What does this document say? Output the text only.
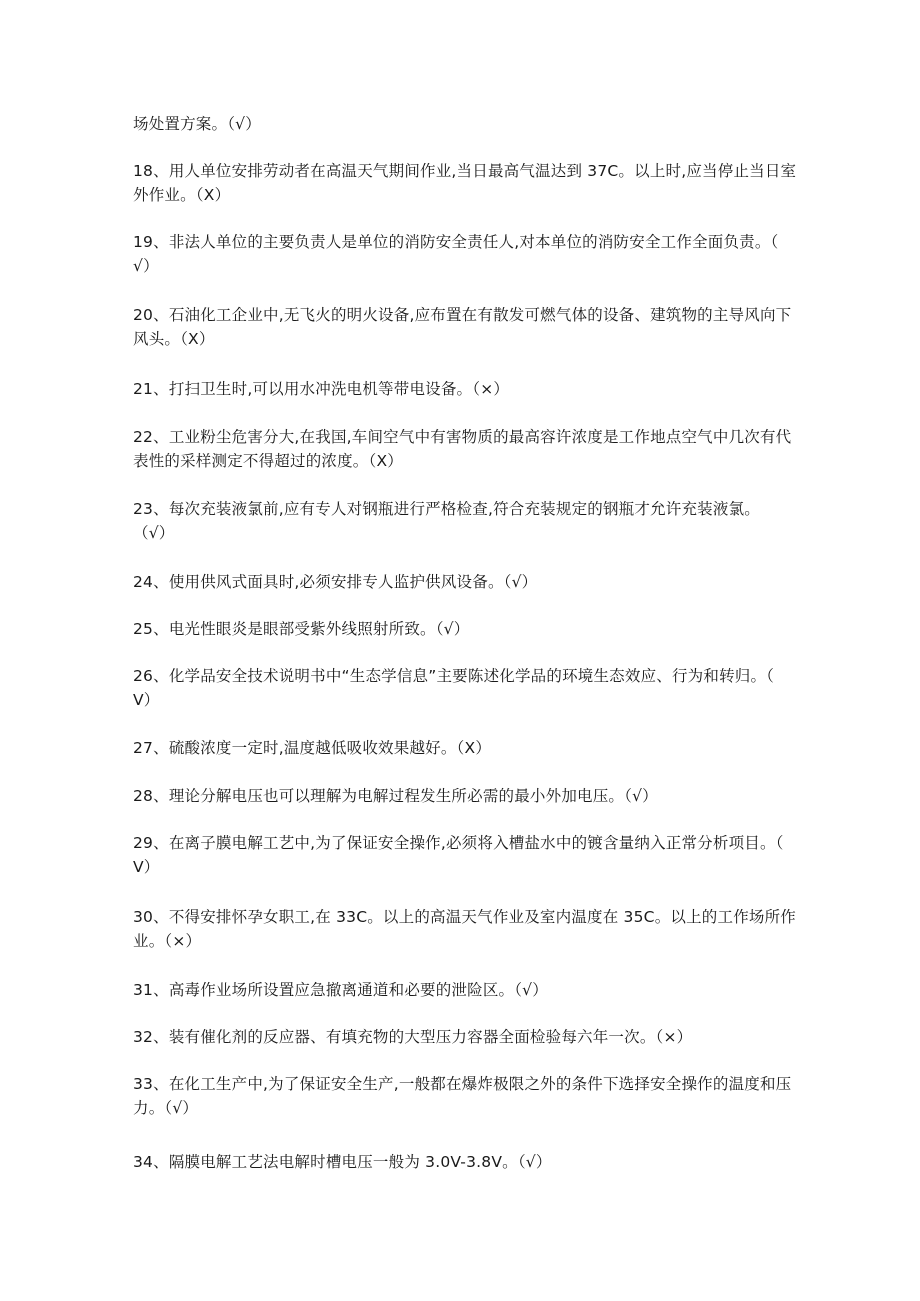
场处置方案。（√）
18、用人单位安排劳动者在高温天气期间作业,当日最高气温达到 37C。以上时,应当停止当日室
外作业。（X）
19、非法人单位的主要负责人是单位的消防安全责任人,对本单位的消防安全工作全面负责。（
√）
20、石油化工企业中,无飞火的明火设备,应布置在有散发可燃气体的设备、建筑物的主导风向下
风头。（X）
21、打扫卫生时,可以用水冲洗电机等带电设备。（×）
22、工业粉尘危害分大,在我国,车间空气中有害物质的最高容许浓度是工作地点空气中几次有代
表性的采样测定不得超过的浓度。（X）
23、每次充装液氯前,应有专人对钢瓶进行严格检查,符合充装规定的钢瓶才允许充装液氯。
（√）
24、使用供风式面具时,必须安排专人监护供风设备。（√）
25、电光性眼炎是眼部受紫外线照射所致。（√）
26、化学品安全技术说明书中“生态学信息”主要陈述化学品的环境生态效应、行为和转归。（
V）
27、硫酸浓度一定时,温度越低吸收效果越好。（X）
28、理论分解电压也可以理解为电解过程发生所必需的最小外加电压。（√）
29、在离子膜电解工艺中,为了保证安全操作,必须将入槽盐水中的镀含量纳入正常分析项目。（
V）
30、不得安排怀孕女职工,在 33C。以上的高温天气作业及室内温度在 35C。以上的工作场所作
业。（×）
31、高毒作业场所设置应急撤离通道和必要的泄险区。（√）
32、装有催化剂的反应器、有填充物的大型压力容器全面检验每六年一次。（×）
33、在化工生产中,为了保证安全生产,一般都在爆炸极限之外的条件下选择安全操作的温度和压
力。（√）
34、隔膜电解工艺法电解时槽电压一般为 3.0V-3.8V。（√）
